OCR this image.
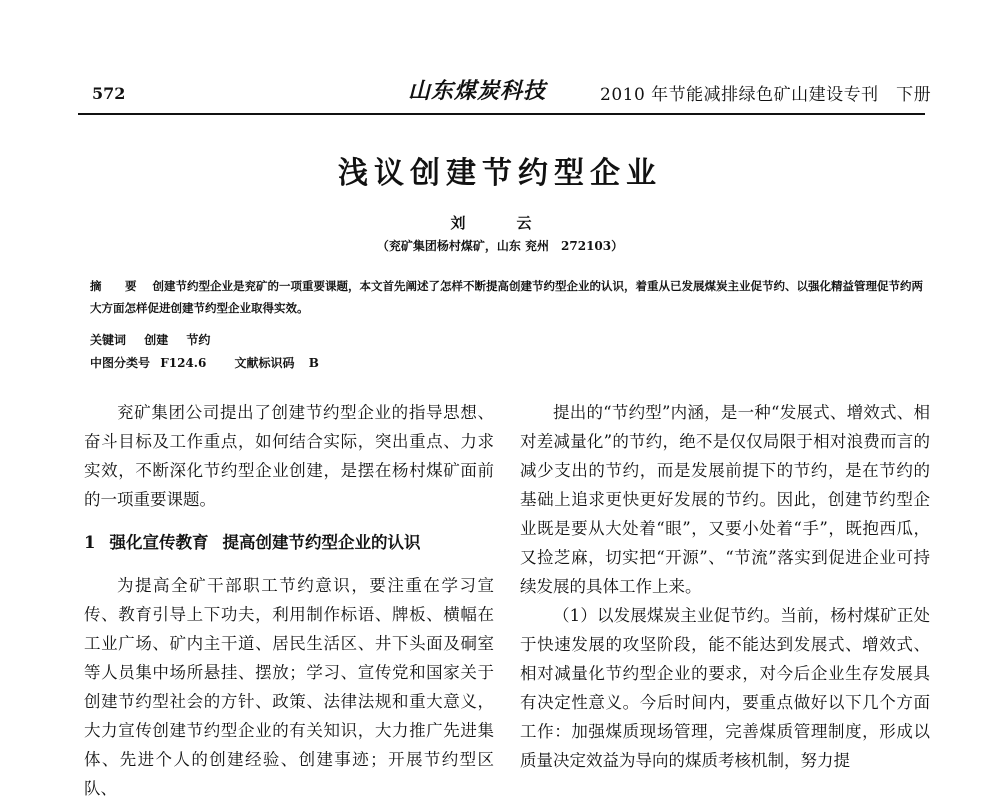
572	山东煤炭科技	2010 年节能减排绿色矿山建设专刊　下册
浅议创建节约型企业
刘　云
（兖矿集团杨村煤矿，山东 兖州　272103）
摘　要 创建节约型企业是兖矿的一项重要课题，本文首先阐述了怎样不断提高创建节约型企业的认识，着重从已发展煤炭主业促节约、以强化精益管理促节约两大方面怎样促进创建节约型企业取得实效。
关键词 创建 节约
中图分类号 F124.6 文献标识码 B

兖矿集团公司提出了创建节约型企业的指导思想、奋斗目标及工作重点，如何结合实际，突出重点、力求实效，不断深化节约型企业创建，是摆在杨村煤矿面前的一项重要课题。

1 强化宣传教育 提高创建节约型企业的认识

为提高全矿干部职工节约意识，要注重在学习宣传、教育引导上下功夫，利用制作标语、牌板、横幅在工业广场、矿内主干道、居民生活区、井下头面及硐室等人员集中场所悬挂、摆放；学习、宣传党和国家关于创建节约型社会的方针、政策、法律法规和重大意义，大力宣传创建节约型企业的有关知识，大力推广先进集体、先进个人的创建经验、创建事迹；开展节约型区队、

提出的“节约型”内涵，是一种“发展式、增效式、相对差减量化”的节约，绝不是仅仅局限于相对浪费而言的减少支出的节约，而是发展前提下的节约，是在节约的基础上追求更快更好发展的节约。因此，创建节约型企业既是要从大处着“眼”，又要小处着“手”，既抱西瓜，又捡芝麻，切实把“开源”、“节流”落实到促进企业可持续发展的具体工作上来。

（1）以发展煤炭主业促节约。当前，杨村煤矿正处于快速发展的攻坚阶段，能不能达到发展式、增效式、相对减量化节约型企业的要求，对今后企业生存发展具有决定性意义。今后时间内，要重点做好以下几个方面工作：加强煤质现场管理，完善煤质管理制度，形成以质量决定效益为导向的煤质考核机制，努力提
